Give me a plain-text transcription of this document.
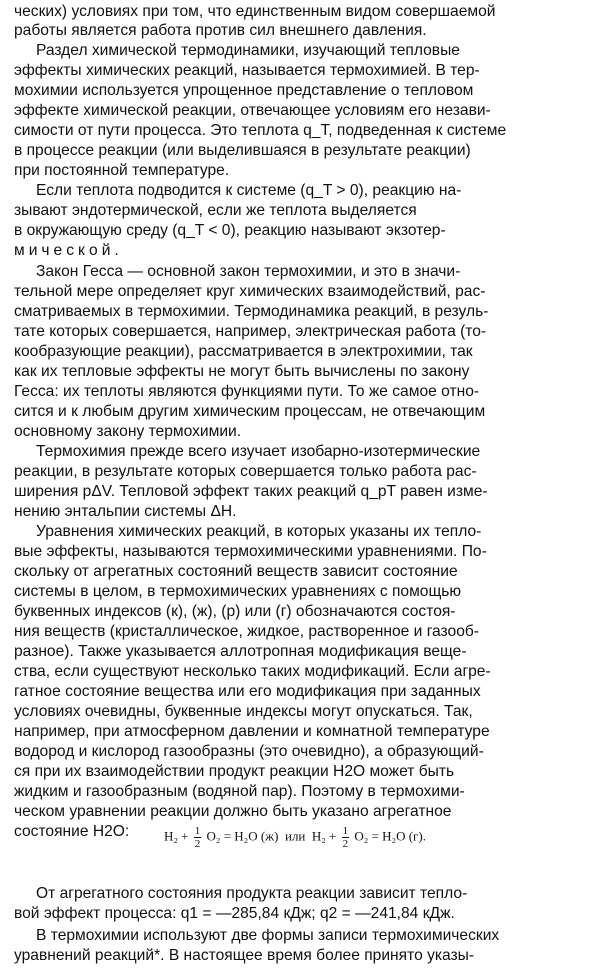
ческих) условиях при том, что единственным видом совершаемой
работы является работа против сил внешнего давления.
Раздел химической термодинамики, изучающий тепловые
эффекты химических реакций, называется термохимией. В тер-
мохимии используется упрощенное представление о тепловом
эффекте химической реакции, отвечающее условиям его незави-
симости от пути процесса. Это теплота q_T, подведенная к системе
в процессе реакции (или выделившаяся в результате реакции)
при постоянной температуре.
Если теплота подводится к системе (q_T > 0), реакцию на-
зывают эндотермической, если же теплота выделяется
в окружающую среду (q_T < 0), реакцию называют экзотер-
мической.
Закон Гесса — основной закон термохимии, и это в значи-
тельной мере определяет круг химических взаимодействий, рас-
сматриваемых в термохимии. Термодинамика реакций, в резуль-
тате которых совершается, например, электрическая работа (то-
кообразующие реакции), рассматривается в электрохимии, так
как их тепловые эффекты не могут быть вычислены по закону
Гесса: их теплоты являются функциями пути. То же самое отно-
сится и к любым другим химическим процессам, не отвечающим
основному закону термохимии.
Термохимия прежде всего изучает изобарно-изотермические
реакции, в результате которых совершается только работа рас-
ширения pΔV. Тепловой эффект таких реакций q_pT равен изме-
нению энтальпии системы ΔH.
Уравнения химических реакций, в которых указаны их тепло-
вые эффекты, называются термохимическими уравнениями. По-
скольку от агрегатных состояний веществ зависит состояние
системы в целом, в термохимических уравнениях с помощью
буквенных индексов (к), (ж), (р) или (г) обозначаются состоя-
ния веществ (кристаллическое, жидкое, растворенное и газооб-
разное). Также указывается аллотропная модификация веще-
ства, если существуют несколько таких модификаций. Если агре-
гатное состояние вещества или его модификация при заданных
условиях очевидны, буквенные индексы могут опускаться. Так,
например, при атмосферном давлении и комнатной температуре
водород и кислород газообразны (это очевидно), а образующий-
ся при их взаимодействии продукт реакции H2O может быть
жидким и газообразным (водяной пар). Поэтому в термохими-
ческом уравнении реакции должно быть указано агрегатное
состояние H2O:	$H_2 + \frac{1}{2} O_2 = H_2O$ (ж) или $H_2 + \frac{1}{2} O_2 = H_2O$ (г).
От агрегатного состояния продукта реакции зависит тепло-
вой эффект процесса: q1 = —285,84 кДж; q2 = —241,84 кДж.
В термохимии используют две формы записи термохимических
уравнений реакций*. В настоящее время более принято указы-
